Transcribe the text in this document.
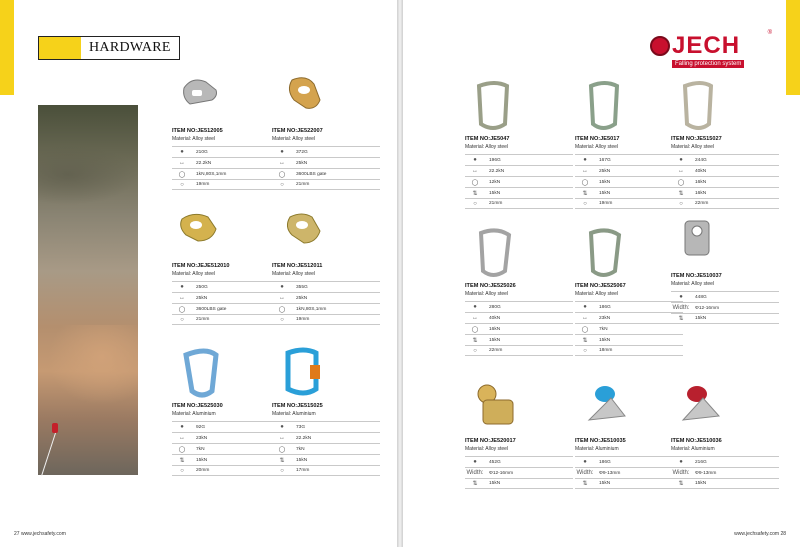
HARDWARE
ITEM NO:JE512005
Material: Alloy steel
●	210G
↔	22.2kN
◯	1kN,80S,1mm
○	19mm
ITEM NO:JE522007
Material: Alloy steel
●	372G
↔	25kN
◯	3600LBS gate
○	21mm
ITEM NO:JEJE512010
Material: Alloy steel
●	250G
↔	25kN
◯	3600LBS gate
○	21mm
ITEM NO:JE512011
Material: Alloy steel
●	355G
↔	25kN
◯	1kN,80S,1mm
○	19mm
ITEM NO:JE525030
Material: Aluminium
●	92G
↔	23kN
◯	7kN
⇅	15kN
○	20mm
ITEM NO:JE515025
Material: Aluminium
●	73G
↔	22.2kN
◯	7kN
⇅	15kN
○	17mm
27 www.jechsafety.com
JECH
Falling protection system
®
ITEM NO:JE5047
Material: Alloy steel
●	196G
↔	22.2kN
◯	12kN
⇅	15kN
○	21mm
ITEM NO:JE5017
Material: Alloy steel
●	167G
↔	25kN
◯	15kN
⇅	15kN
○	19mm
ITEM NO:JE515027
Material: Alloy steel
●	244G
↔	40kN
◯	16kN
⇅	16kN
○	22mm
ITEM NO:JE525026
Material: Alloy steel
●	280G
↔	40kN
◯	16kN
⇅	15kN
○	22mm
ITEM NO:JE525067
Material: Alloy steel
●	186G
↔	23kN
◯	7kN
⇅	15kN
○	18mm
ITEM NO:JE510037
Material: Alloy steel
●	448G
Width:	Φ12-16mm
⇅	15kN
ITEM NO:JE520017
Material: Alloy steel
●	452G
Width:	Φ12-16mm
⇅	15kN
ITEM NO:JE510035
Material: Aluminium
●	186G
Width:	Φ9-13mm
⇅	15kN
ITEM NO:JE510036
Material: Aluminium
●	216G
Width:	Φ9-13mm
⇅	15kN
www.jechsafety.com 28
